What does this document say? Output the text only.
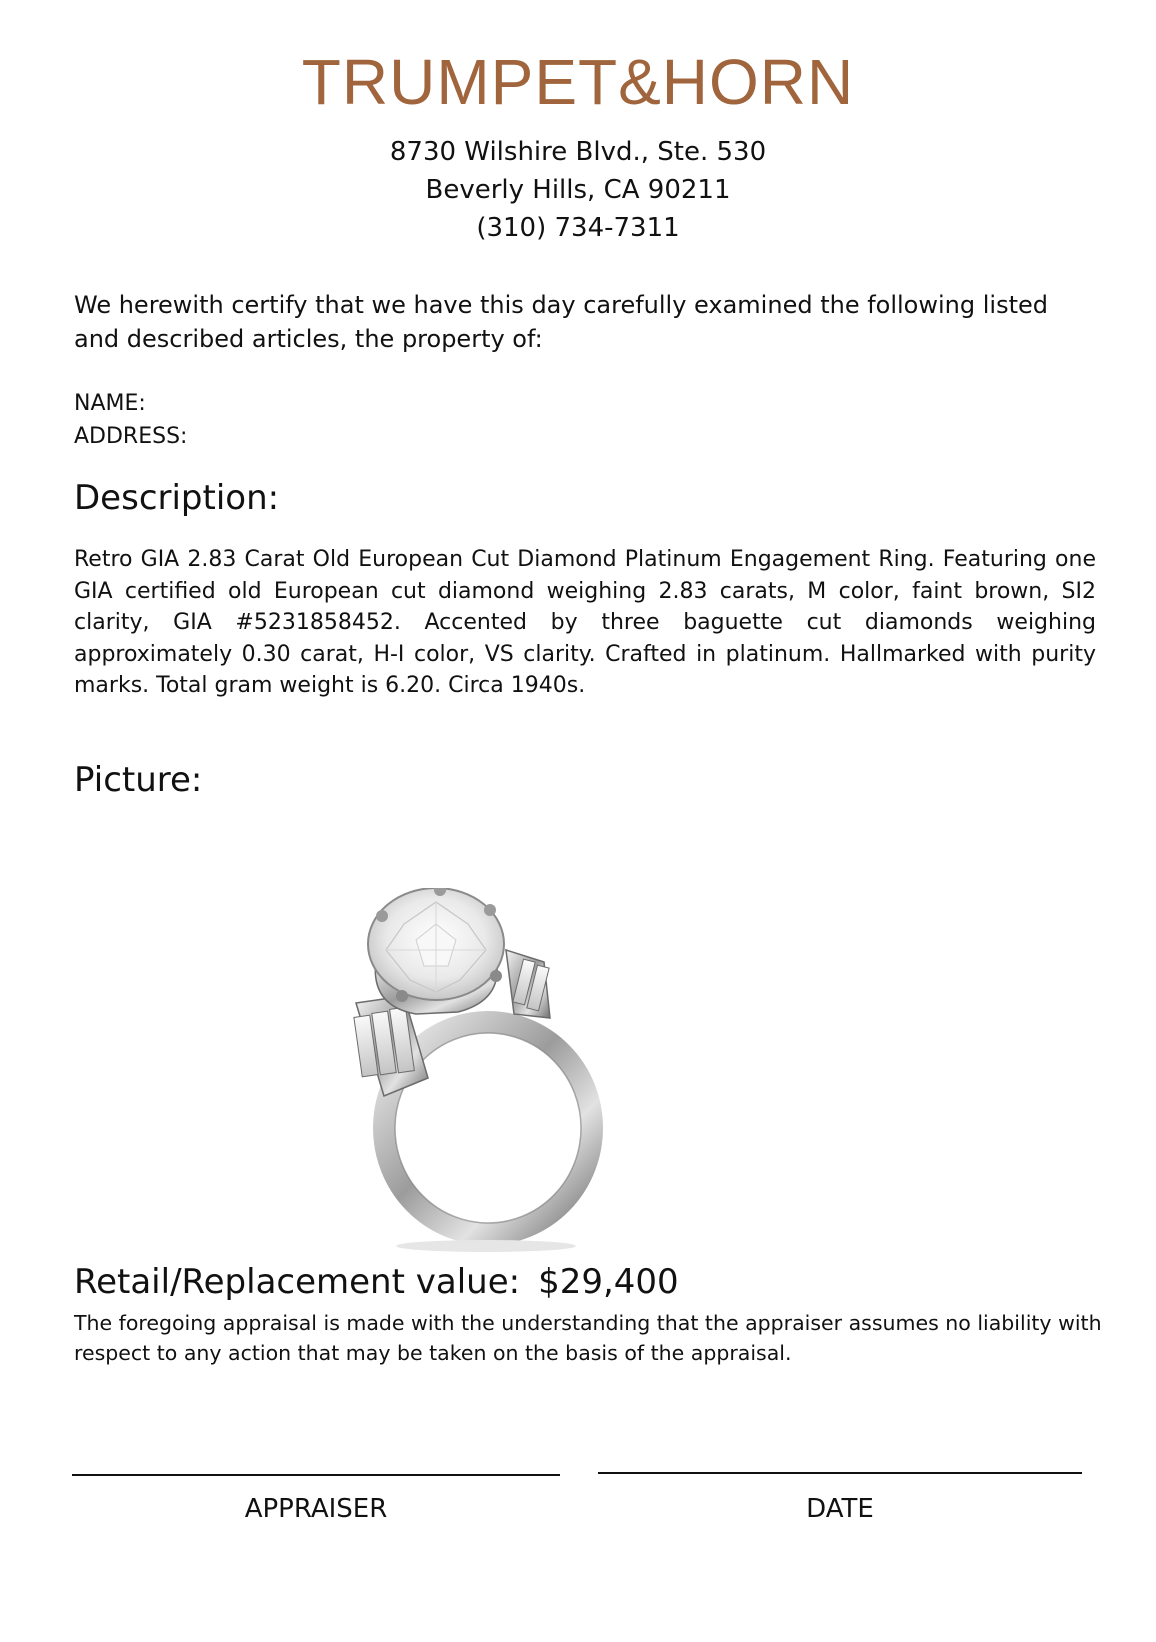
TRUMPET&HORN
8730 Wilshire Blvd., Ste. 530
Beverly Hills, CA 90211
(310) 734-7311
We herewith certify that we have this day carefully examined the following listed and described articles, the property of:
NAME:
ADDRESS:
Description:
Retro GIA 2.83 Carat Old European Cut Diamond Platinum Engagement Ring. Featuring one GIA certified old European cut diamond weighing 2.83 carats, M color, faint brown, SI2 clarity, GIA #5231858452. Accented by three baguette cut diamonds weighing approximately 0.30 carat, H-I color, VS clarity. Crafted in platinum. Hallmarked with purity marks. Total gram weight is 6.20. Circa 1940s.
Picture:
Retail/Replacement value: $29,400
The foregoing appraisal is made with the understanding that the appraiser assumes no liability with respect to any action that may be taken on the basis of the appraisal.
APPRAISER	DATE
